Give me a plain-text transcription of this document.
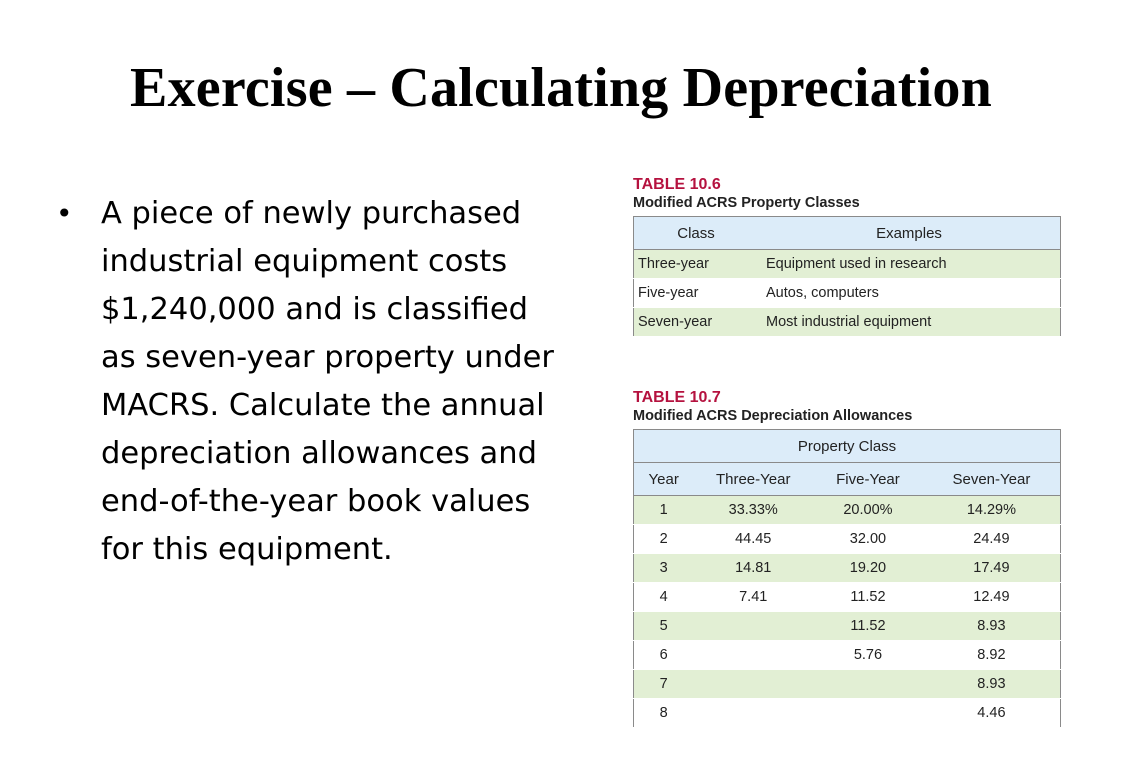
Exercise – Calculating Depreciation
• A piece of newly purchased industrial equipment costs $1,240,000 and is classified as seven-year property under MACRS. Calculate the annual depreciation allowances and end-of-the-year book values for this equipment.
TABLE 10.6
Modified ACRS Property Classes
Class	Examples
Three-year	Equipment used in research
Five-year	Autos, computers
Seven-year	Most industrial equipment
TABLE 10.7
Modified ACRS Depreciation Allowances
Property Class			
Year	Three-Year	Five-Year	Seven-Year
1	33.33%	20.00%	14.29%
2	44.45	32.00	24.49
3	14.81	19.20	17.49
4	7.41	11.52	12.49
5		11.52	8.93
6		5.76	8.92
7			8.93
8			4.46
